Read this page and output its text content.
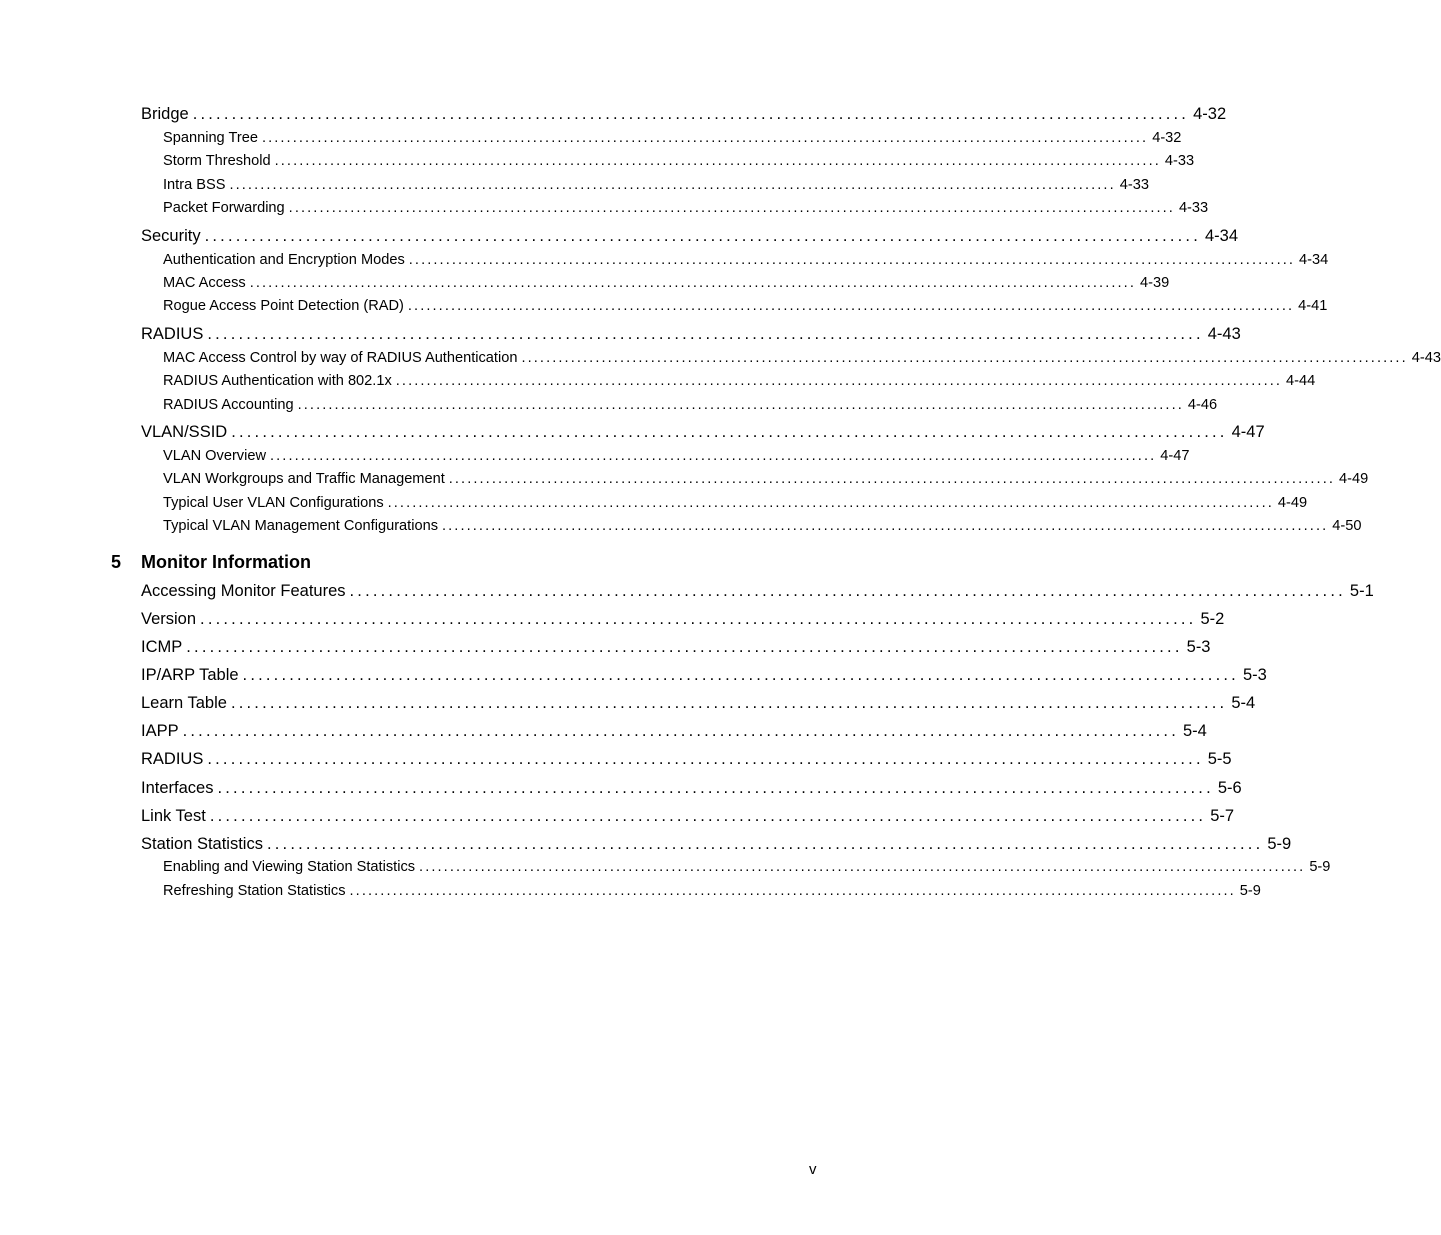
Bridge ................................................................................................................................ 4-32
Spanning Tree ................................................................................................................................................ 4-32
Storm Threshold ................................................................................................................................................ 4-33
Intra BSS ................................................................................................................................................ 4-33
Packet Forwarding ................................................................................................................................................ 4-33
Security ................................................................................................................................ 4-34
Authentication and Encryption Modes ................................................................................................................................................ 4-34
MAC Access ................................................................................................................................................ 4-39
Rogue Access Point Detection (RAD) ................................................................................................................................................ 4-41
RADIUS ................................................................................................................................ 4-43
MAC Access Control by way of RADIUS Authentication ................................................................................................................................................ 4-43
RADIUS Authentication with 802.1x ................................................................................................................................................ 4-44
RADIUS Accounting ................................................................................................................................................ 4-46
VLAN/SSID ................................................................................................................................ 4-47
VLAN Overview ................................................................................................................................................ 4-47
VLAN Workgroups and Traffic Management ................................................................................................................................................ 4-49
Typical User VLAN Configurations ................................................................................................................................................ 4-49
Typical VLAN Management Configurations ................................................................................................................................................ 4-50
5	Monitor Information
Accessing Monitor Features ................................................................................................................................ 5-1
Version ................................................................................................................................ 5-2
ICMP ................................................................................................................................ 5-3
IP/ARP Table ................................................................................................................................ 5-3
Learn Table ................................................................................................................................ 5-4
IAPP ................................................................................................................................ 5-4
RADIUS ................................................................................................................................ 5-5
Interfaces ................................................................................................................................ 5-6
Link Test ................................................................................................................................ 5-7
Station Statistics ................................................................................................................................ 5-9
Enabling and Viewing Station Statistics ................................................................................................................................................ 5-9
Refreshing Station Statistics ................................................................................................................................................ 5-9
v
